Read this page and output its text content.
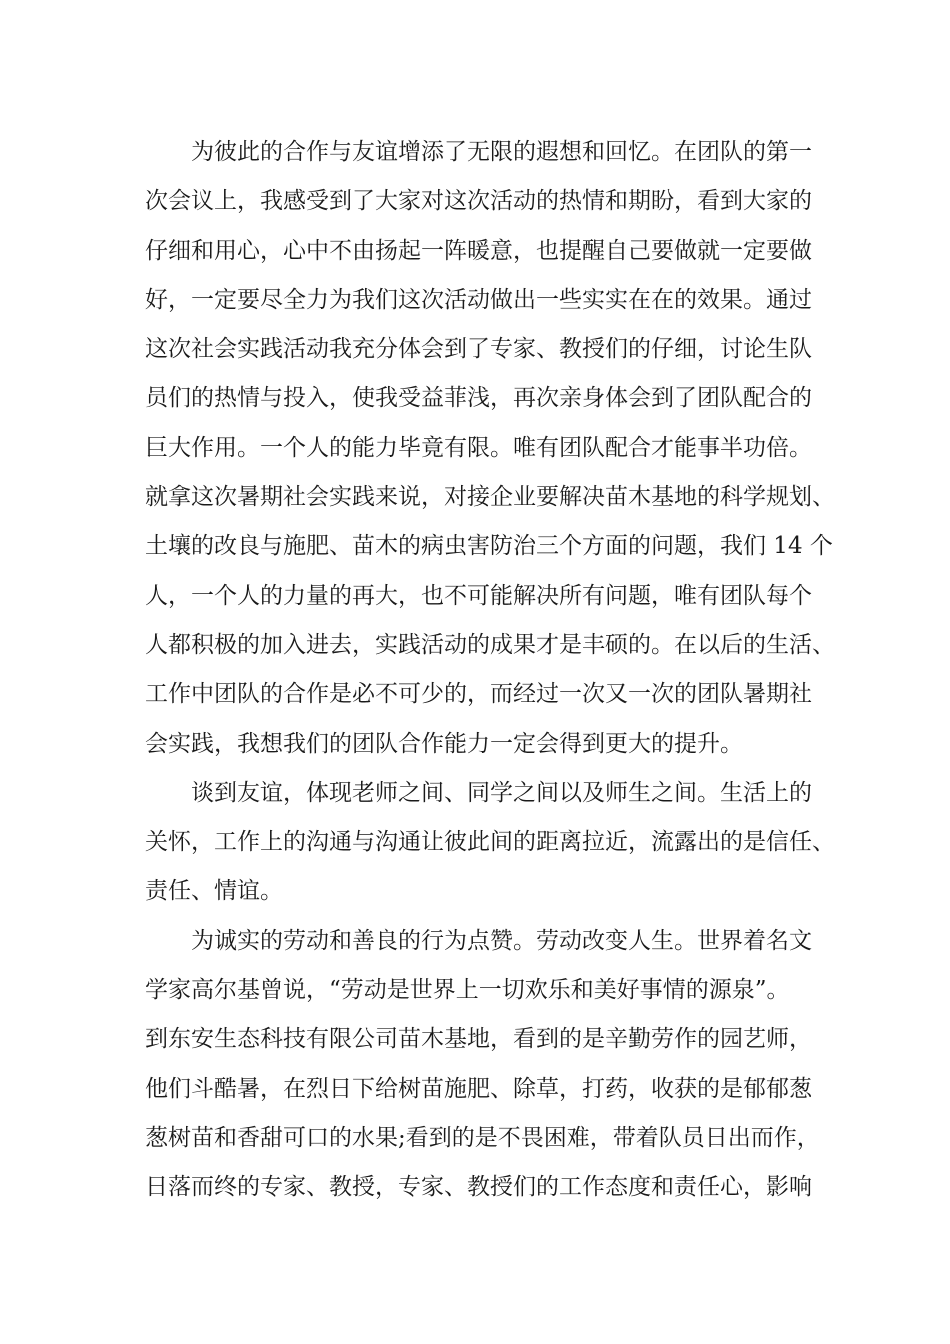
为彼此的合作与友谊增添了无限的遐想和回忆。在团队的第一
次会议上，我感受到了大家对这次活动的热情和期盼，看到大家的
仔细和用心，心中不由扬起一阵暖意，也提醒自己要做就一定要做
好，一定要尽全力为我们这次活动做出一些实实在在的效果。通过
这次社会实践活动我充分体会到了专家、教授们的仔细，讨论生队
员们的热情与投入，使我受益菲浅，再次亲身体会到了团队配合的
巨大作用。一个人的能力毕竟有限。唯有团队配合才能事半功倍。
就拿这次暑期社会实践来说，对接企业要解决苗木基地的科学规划、
土壤的改良与施肥、苗木的病虫害防治三个方面的问题，我们 14 个
人，一个人的力量的再大，也不可能解决所有问题，唯有团队每个
人都积极的加入进去，实践活动的成果才是丰硕的。在以后的生活、
工作中团队的合作是必不可少的，而经过一次又一次的团队暑期社
会实践，我想我们的团队合作能力一定会得到更大的提升。
谈到友谊，体现老师之间、同学之间以及师生之间。生活上的
关怀，工作上的沟通与沟通让彼此间的距离拉近，流露出的是信任、
责任、情谊。
为诚实的劳动和善良的行为点赞。劳动改变人生。世界着名文
学家高尔基曾说，“劳动是世界上一切欢乐和美好事情的源泉”。
到东安生态科技有限公司苗木基地，看到的是辛勤劳作的园艺师，
他们斗酷暑，在烈日下给树苗施肥、除草，打药，收获的是郁郁葱
葱树苗和香甜可口的水果;看到的是不畏困难，带着队员日出而作，
日落而终的专家、教授，专家、教授们的工作态度和责任心，影响
